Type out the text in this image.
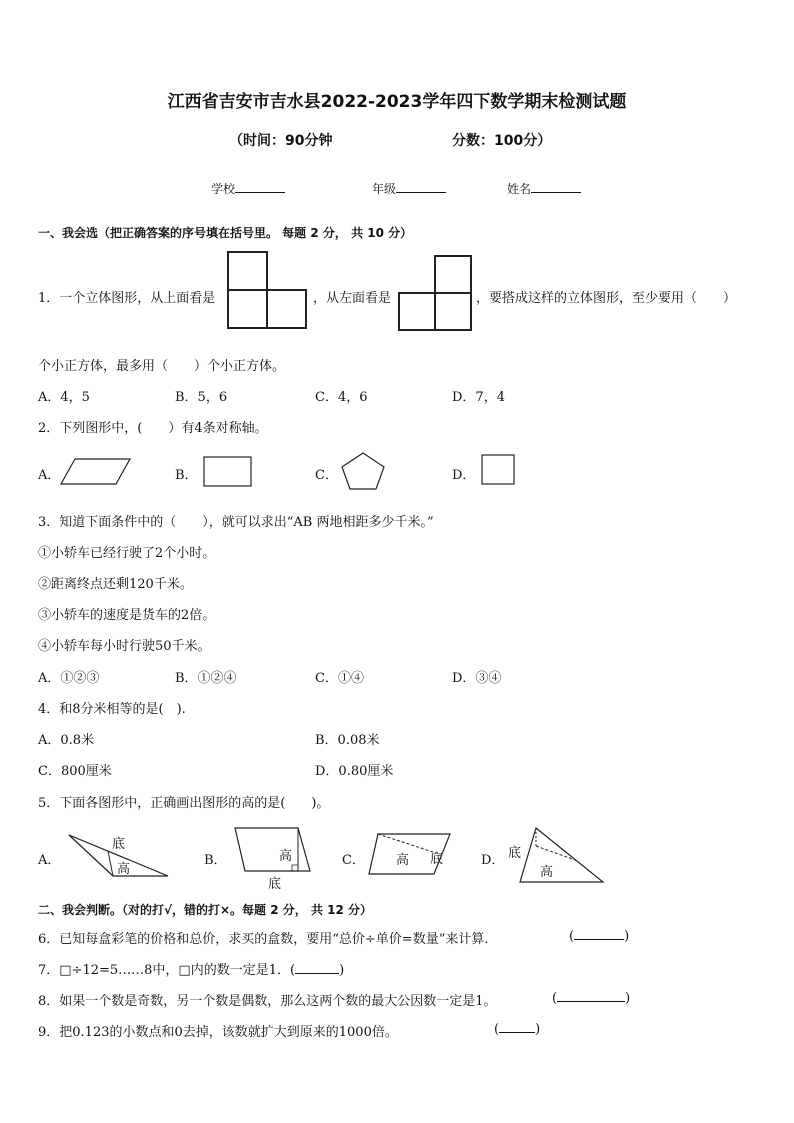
江西省吉安市吉水县2022-2023学年四下数学期末检测试题
（时间：90分钟	分数：100分）
学校	年级	姓名
一、我会选（把正确答案的序号填在括号里。 每题 2 分， 共 10 分）
1．一个立体图形，从上面看是	，从左面看是	，要搭成这样的立体图形，至少要用（　　）
个小正方体，最多用（　　）个小正方体。
A．4，5	B．5，6	C．4，6	D．7，4
2．下列图形中，(　　）有4条对称轴。
A．	B．	C．	D．
3．知道下面条件中的（　　），就可以求出“AB 两地相距多少千米。”
①小轿车已经行驶了2个小时。
②距离终点还剩120千米。
③小轿车的速度是货车的2倍。
④小轿车每小时行驶50千米。
A．①②③	B．①②④	C．①④	D．③④
4．和8分米相等的是(　).
A．0.8米	B．0.08米
C．800厘米	D．0.80厘米
5．下面各图形中，正确画出图形的高的是(　　)。
A．
底
高
B．	高
底
C． 高 底	D． 底
高
二、我会判断。（对的打√，错的打×。每题 2 分， 共 12 分）
6．已知每盒彩笔的价格和总价，求买的盒数，要用“总价÷单价=数量”来计算．	(	)
7．□÷12=5……8中，□内的数一定是1．(	)
8．如果一个数是奇数，另一个数是偶数，那么这两个数的最大公因数一定是1。	(	)
9．把0.123的小数点和0去掉，该数就扩大到原来的1000倍。	(	)
